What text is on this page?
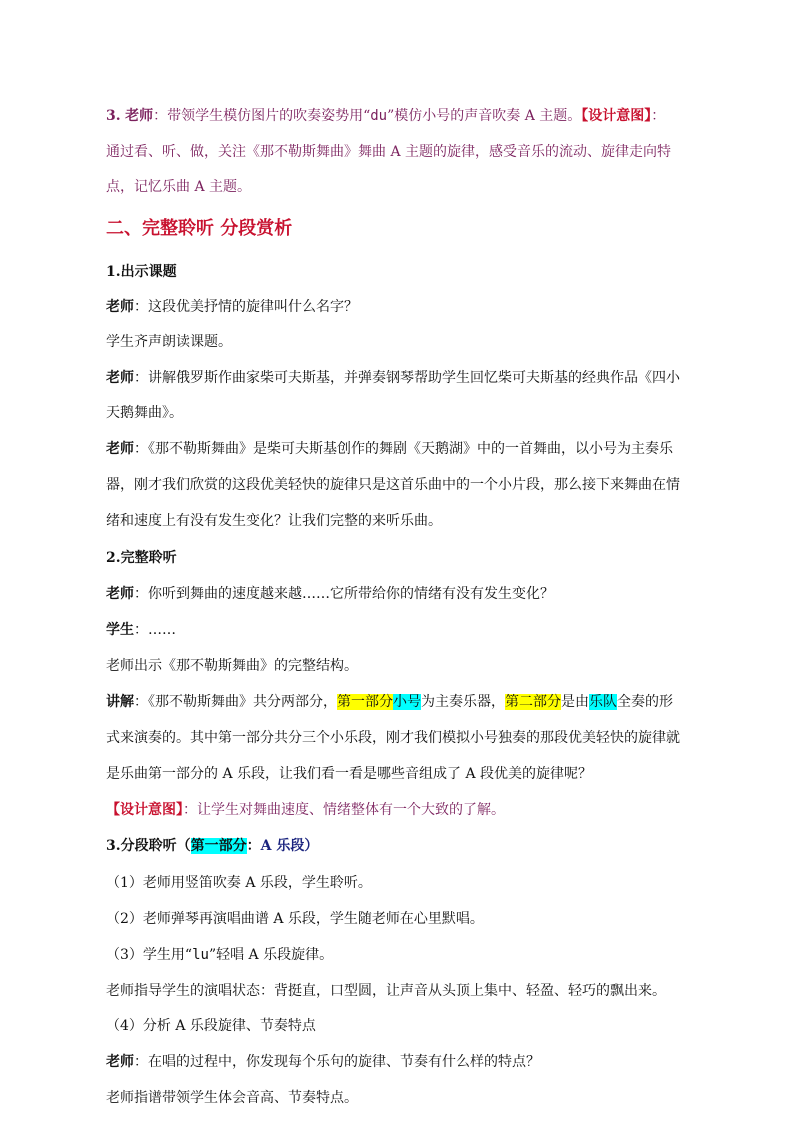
3. 老师：带领学生模仿图片的吹奏姿势用“du”模仿小号的声音吹奏 A 主题。【设计意图】：
通过看、听、做，关注《那不勒斯舞曲》舞曲 A 主题的旋律，感受音乐的流动、旋律走向特
点，记忆乐曲 A 主题。
二、完整聆听 分段赏析
1.出示课题
老师：这段优美抒情的旋律叫什么名字？
学生齐声朗读课题。
老师：讲解俄罗斯作曲家柴可夫斯基，并弹奏钢琴帮助学生回忆柴可夫斯基的经典作品《四小
天鹅舞曲》。
老师：《那不勒斯舞曲》是柴可夫斯基创作的舞剧《天鹅湖》中的一首舞曲，以小号为主奏乐
器，刚才我们欣赏的这段优美轻快的旋律只是这首乐曲中的一个小片段，那么接下来舞曲在情
绪和速度上有没有发生变化？让我们完整的来听乐曲。
2.完整聆听
老师：你听到舞曲的速度越来越……它所带给你的情绪有没有发生变化？
学生：……
老师出示《那不勒斯舞曲》的完整结构。
讲解：《那不勒斯舞曲》共分两部分，第一部分小号为主奏乐器，第二部分是由乐队全奏的形
式来演奏的。其中第一部分共分三个小乐段，刚才我们模拟小号独奏的那段优美轻快的旋律就
是乐曲第一部分的 A 乐段，让我们看一看是哪些音组成了 A 段优美的旋律呢？
【设计意图】：让学生对舞曲速度、情绪整体有一个大致的了解。
3.分段聆听（第一部分：A 乐段）
（1）老师用竖笛吹奏 A 乐段，学生聆听。
（2）老师弹琴再演唱曲谱 A 乐段，学生随老师在心里默唱。
（3）学生用“lu”轻唱 A 乐段旋律。
老师指导学生的演唱状态：背挺直，口型圆，让声音从头顶上集中、轻盈、轻巧的飘出来。
（4）分析 A 乐段旋律、节奏特点
老师：在唱的过程中，你发现每个乐句的旋律、节奏有什么样的特点？
老师指谱带领学生体会音高、节奏特点。
